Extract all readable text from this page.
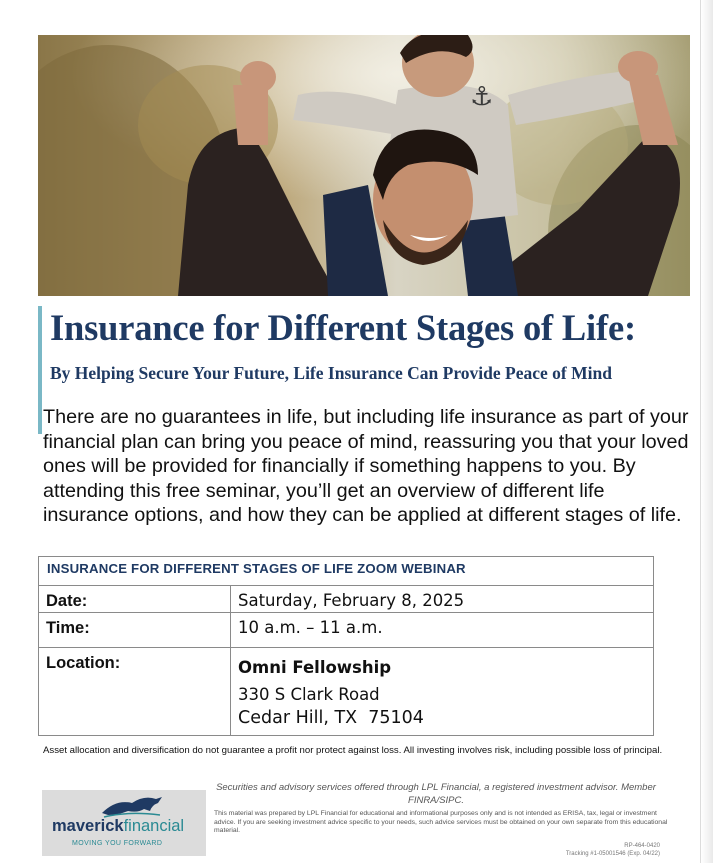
⚓
Insurance for Different Stages of Life:
By Helping Secure Your Future, Life Insurance Can Provide Peace of Mind
There are no guarantees in life, but including life insurance as part of your financial plan can bring you peace of mind, reassuring you that your loved ones will be provided for financially if something happens to you. By attending this free seminar, you’ll get an overview of different life insurance options, and how they can be applied at different stages of life.
INSURANCE FOR DIFFERENT STAGES OF LIFE ZOOM WEBINAR	
Date:	Saturday, February 8, 2025
Time:	10 a.m. – 11 a.m.
Location:	Omni Fellowship
330 S Clark Road
Cedar Hill, TX  75104
Asset allocation and diversification do not guarantee a profit nor protect against loss. All investing involves risk, including possible loss of principal.
maverickfinancial
MOVING YOU FORWARD
Securities and advisory services offered through LPL Financial, a registered investment advisor. Member FINRA/SIPC.
This material was prepared by LPL Financial for educational and informational purposes only and is not intended as ERISA, tax, legal or investment advice. If you are seeking investment advice specific to your needs, such advice services must be obtained on your own separate from this educational material.
RP-464-0420
Tracking #1-05001546 (Exp. 04/22)
